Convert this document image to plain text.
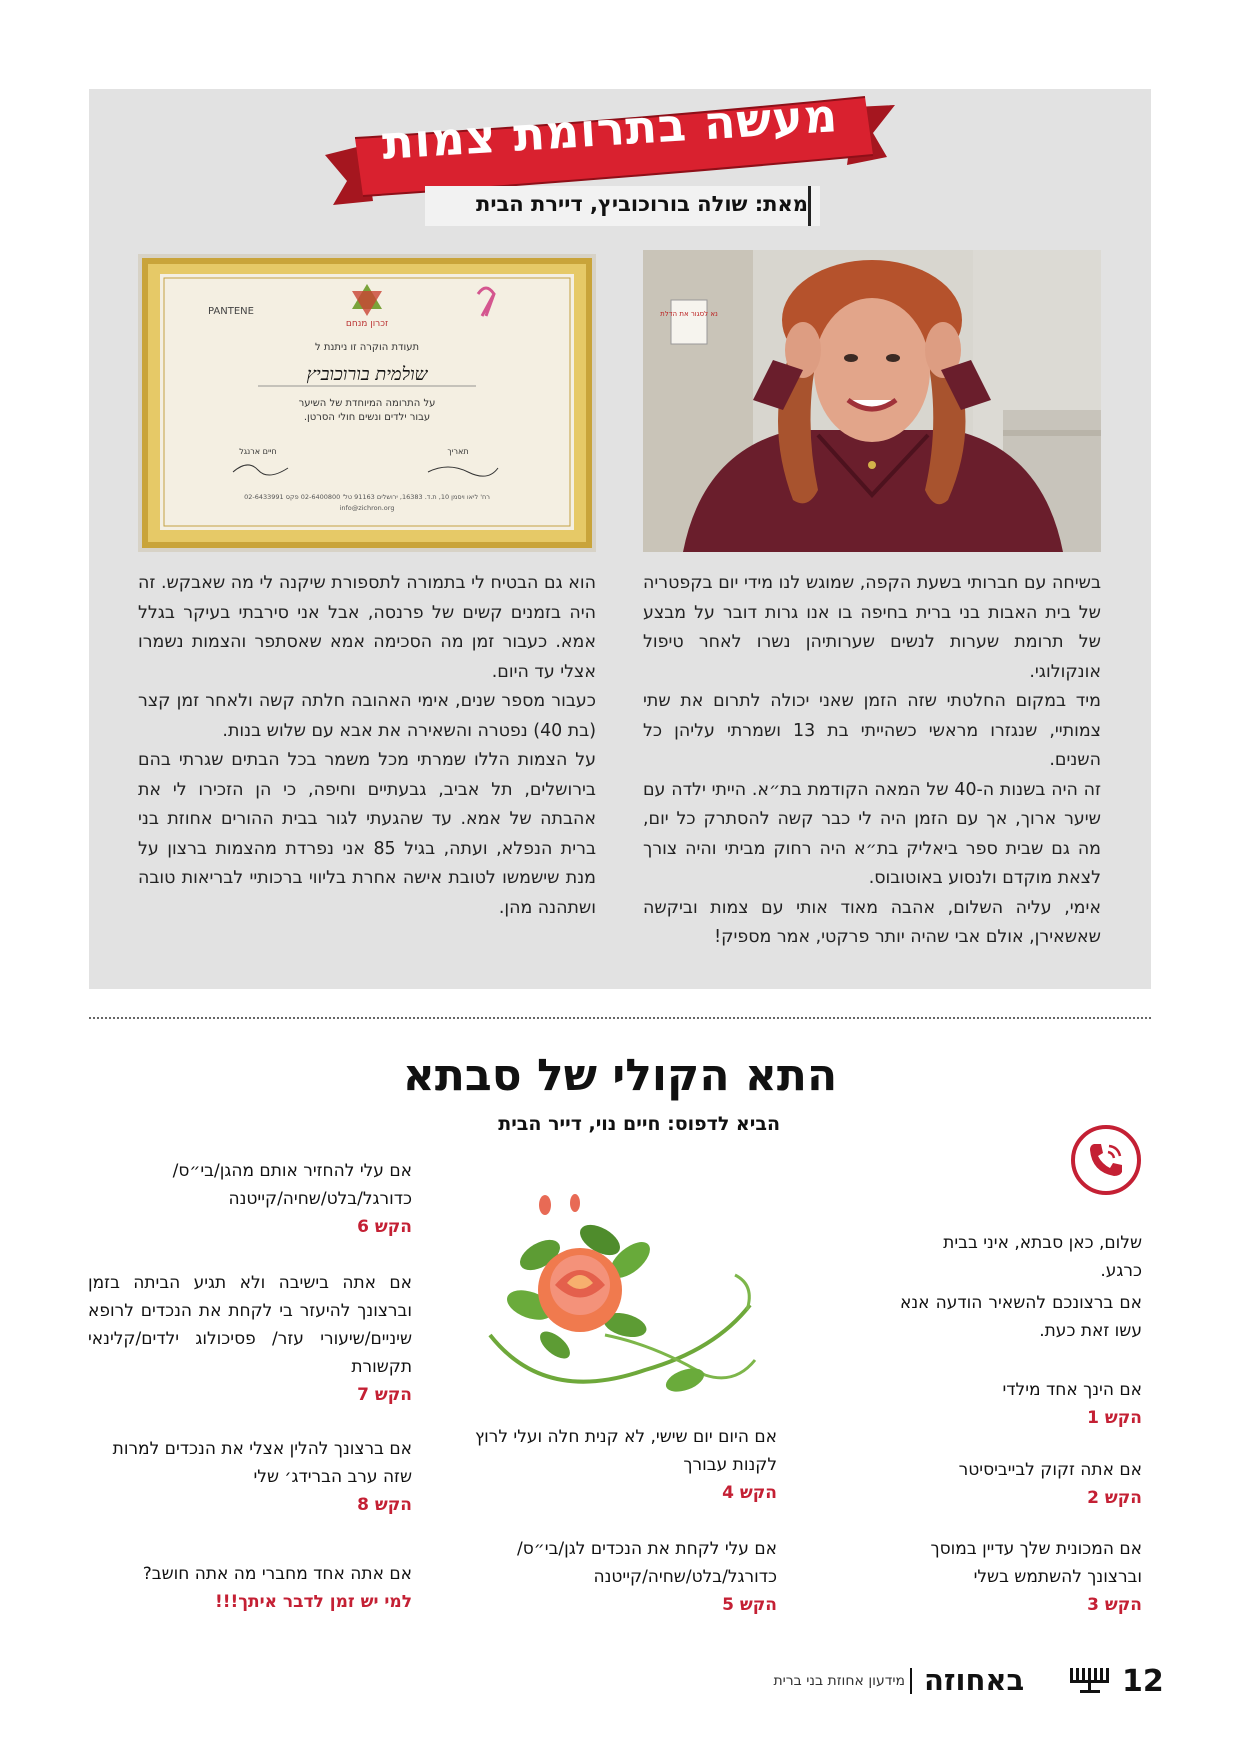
מעשה בתרומת צמות
מאת: שולה בורוכוביץ, דיירת הבית
נא לסגור את הדלת
PANTENE
זכרון מנחם
תעודת הוקרה זו ניתנת ל
שולמית בורוכוביץ
על התרומה המיוחדת של השיער
עבור ילדים ונשים חולי הסרטן.
חיים ארנגל	תאריך
רח' ליאו ויסמן 10, ת.ד. 16383, ירושלים 91163 טל' 02-6400800 פקס 02-6433991
info@zichron.org

בשיחה עם חברותי בשעת הקפה, שמוגש לנו מידי יום בקפטריה של בית האבות בני ברית בחיפה בו אנו גרות דובר על מבצע של תרומת שערות לנשים שערותיהן נשרו לאחר טיפול אונקולוגי.

מיד במקום החלטתי שזה הזמן שאני יכולה לתרום את שתי צמותיי, שנגזרו מראשי כשהייתי בת 13 ושמרתי עליהן כל השנים.

זה היה בשנות ה-40 של המאה הקודמת בת״א. הייתי ילדה עם שיער ארוך, אך עם הזמן היה לי כבר קשה להסתרק כל יום, מה גם שבית ספר ביאליק בת״א היה רחוק מביתי והיה צורך לצאת מוקדם ולנסוע באוטובוס.

אימי, עליה השלום, אהבה מאוד אותי עם צמות וביקשה שאשאירן, אולם אבי שהיה יותר פרקטי, אמר מספיק!

הוא גם הבטיח לי בתמורה לתספורת שיקנה לי מה שאבקש. זה היה בזמנים קשים של פרנסה, אבל אני סירבתי בעיקר בגלל אמא. כעבור זמן מה הסכימה אמא שאסתפר והצמות נשמרו אצלי עד היום.

כעבור מספר שנים, אימי האהובה חלתה קשה ולאחר זמן קצר (בת 40) נפטרה והשאירה את אבא עם שלוש בנות.

על הצמות הללו שמרתי מכל משמר בכל הבתים שגרתי בהם בירושלים, תל אביב, גבעתיים וחיפה, כי הן הזכירו לי את אהבתה של אמא. עד שהגעתי לגור בבית ההורים אחוזת בני ברית הנפלא, ועתה, בגיל 85 אני נפרדת מהצמות ברצון על מנת שישמשו לטובת אישה אחרת בליווי ברכותיי לבריאות טובה ושתהנה מהן.

התא הקולי של סבתא
הביא לדפוס: חיים נוי, דייר הבית

שלום, כאן סבתא, איני בבית כרגע.

אם ברצונכם להשאיר הודעה אנא עשו זאת כעת.

אם הינך אחד מילדי

הקש 1

אם אתה זקוק לבייביסיטר

הקש 2

אם המכונית שלך עדיין במוסך וברצונך להשתמש בשלי

הקש 3

אם היום יום שישי, לא קנית חלה ועלי לרוץ לקנות עבורך

הקש 4

אם עלי לקחת את הנכדים לגן/בי״ס/ כדורגל/בלט/שחיה/קייטנה

הקש 5

אם עלי להחזיר אותם מהגן/בי״ס/ כדורגל/בלט/שחיה/קייטנה

הקש 6

אם אתה בישיבה ולא תגיע הביתה בזמן וברצונך להיעזר בי לקחת את הנכדים לרופא שיניים/שיעורי עזר/ פסיכולוג ילדים/קלינאי תקשורת

הקש 7

אם ברצונך להלין אצלי את הנכדים למרות שזה ערב הברידג׳ שלי

הקש 8

אם אתה אחד מחברי מה אתה חושב?

למי יש זמן לדבר איתך!!!

12
באחוזה
מידעון אחוזת בני ברית
